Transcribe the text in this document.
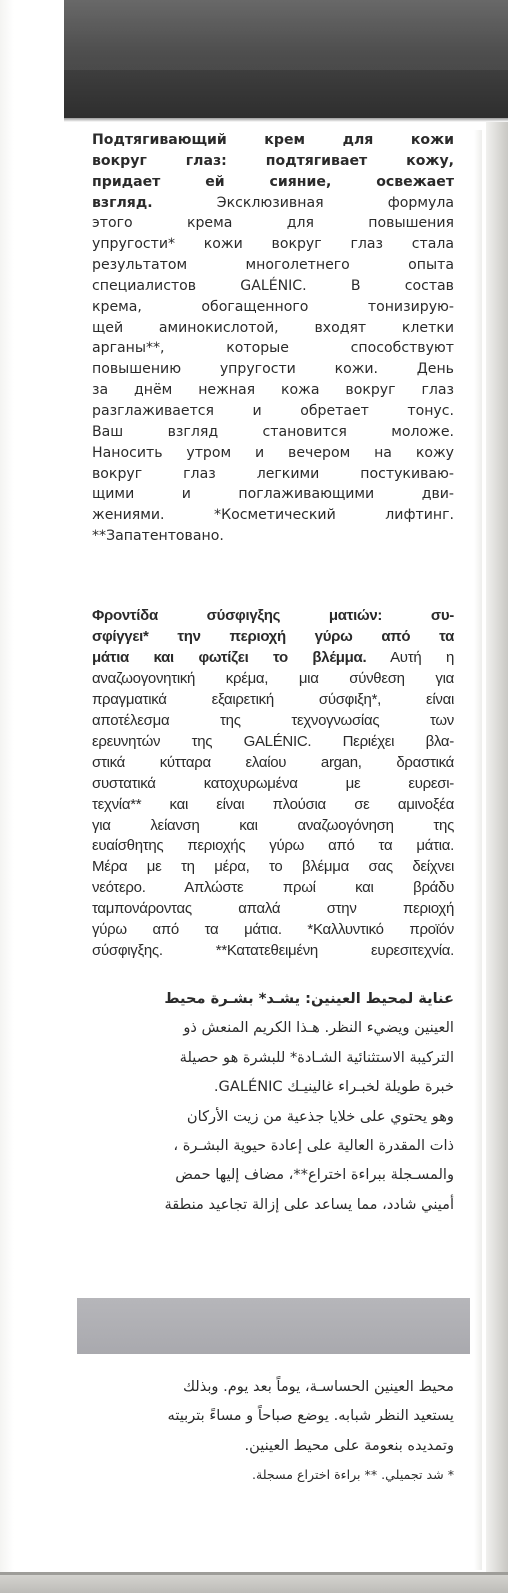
Подтягивающий крем для кожи
вокруг глаз: подтягивает кожу,
придает ей сияние, освежает
взгляд. Эксклюзивная формула
этого крема для повышения
упругости* кожи вокруг глаз стала
результатом многолетнего опыта
специалистов GALÉNIC. В состав
крема, обогащенного тонизирую-
щей аминокислотой, входят клетки
арганы**, которые способствуют
повышению упругости кожи. День
за днём нежная кожа вокруг глаз
разглаживается и обретает тонус.
Ваш взгляд становится моложе.
Наносить утром и вечером на кожу
вокруг глаз легкими постукиваю-
щими и поглаживающими дви-
жениями. *Косметический лифтинг.
**Запатентовано.
Φροντίδα σύσφιγξης ματιών: συ-
σφίγγει* την περιοχή γύρω από τα
μάτια και φωτίζει το βλέμμα. Αυτή η
αναζωογονητική κρέμα, μια σύνθεση για
πραγματικά εξαιρετική σύσφιξη*, είναι
αποτέλεσμα της τεχνογνωσίας των
ερευνητών της GALÉNIC. Περιέχει βλα-
στικά κύτταρα ελαίου argan, δραστικά
συστατικά κατοχυρωμένα με ευρεσι-
τεχνία** και είναι πλούσια σε αμινοξέα
για λείανση και αναζωογόνηση της
ευαίσθητης περιοχής γύρω από τα μάτια.
Μέρα με τη μέρα, το βλέμμα σας δείχνει
νεότερο. Απλώστε πρωί και βράδυ
ταμπονάροντας απαλά στην περιοχή
γύρω από τα μάτια. *Καλλυντικό προϊόν
σύσφιγξης. **Κατατεθειμένη ευρεσιτεχνία.
عناية لمحيط العينين: يشـد* بشـرة محيط
العينين ويضيء النظر. هـذا الكريم المنعش ذو
التركيبة الاستثنائية الشـادة* للبشرة هو حصيلة
خبرة طويلة لخبـراء غالينيـك GALÉNIC.
وهو يحتوي على خلايا جذعية من زيت الأركان
ذات المقدرة العالية على إعادة حيوية البشـرة ،
والمسـجلة ببراءة اختراع**، مضاف إليها حمض
أميني شادد، مما يساعد على إزالة تجاعيد منطقة
محيط العينين الحساسـة، يوماً بعد يوم. وبذلك
يستعيد النظر شبابه. يوضع صباحاً و مساءً بتربيته
وتمديده بنعومة على محيط العينين.
* شد تجميلي. ** براءة اختراع مسجلة.
